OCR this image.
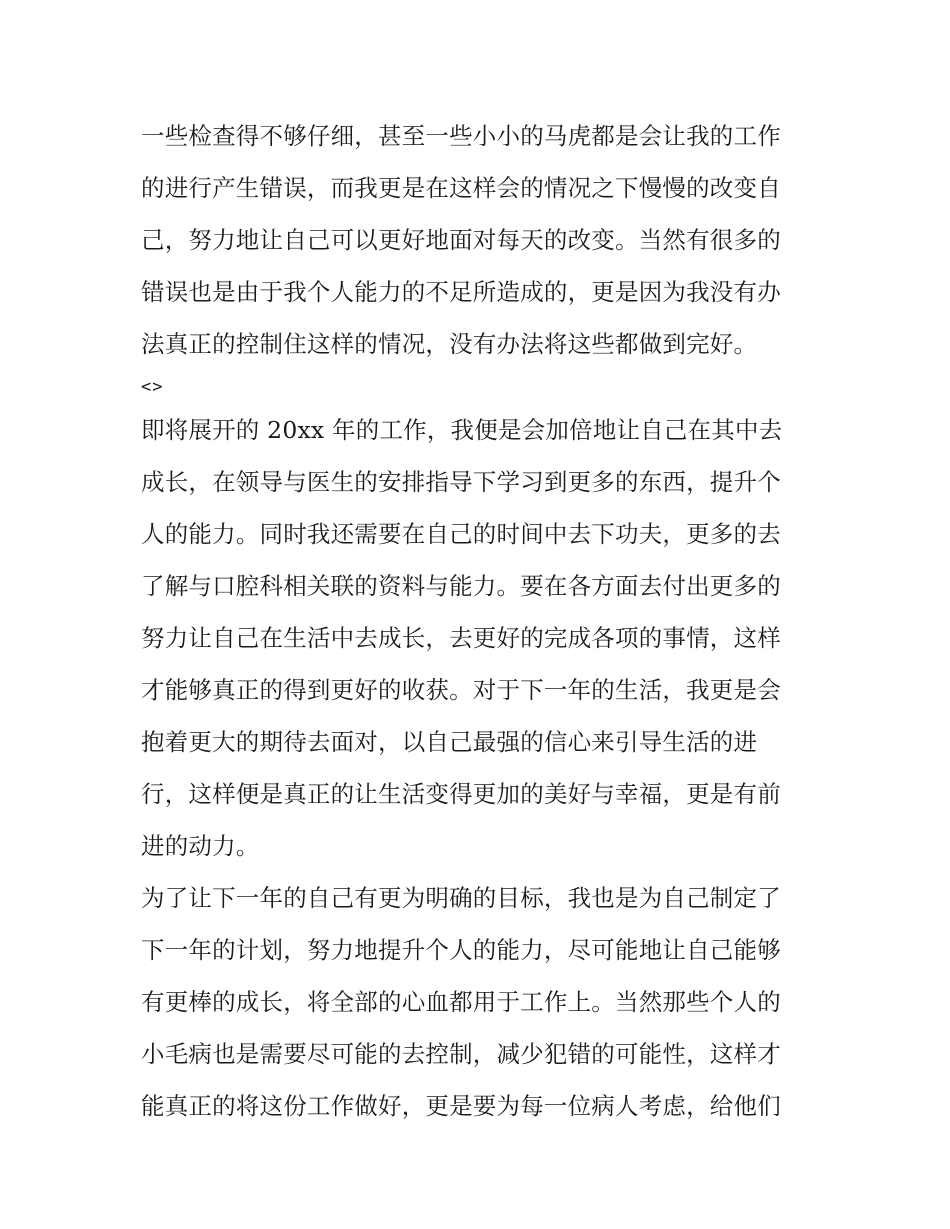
一些检查得不够仔细，甚至一些小小的马虎都是会让我的工作
的进行产生错误，而我更是在这样会的情况之下慢慢的改变自
己，努力地让自己可以更好地面对每天的改变。当然有很多的
错误也是由于我个人能力的不足所造成的，更是因为我没有办
法真正的控制住这样的情况，没有办法将这些都做到完好。
<>
即将展开的 20xx 年的工作，我便是会加倍地让自己在其中去
成长，在领导与医生的安排指导下学习到更多的东西，提升个
人的能力。同时我还需要在自己的时间中去下功夫，更多的去
了解与口腔科相关联的资料与能力。要在各方面去付出更多的
努力让自己在生活中去成长，去更好的完成各项的事情，这样
才能够真正的得到更好的收获。对于下一年的生活，我更是会
抱着更大的期待去面对，以自己最强的信心来引导生活的进
行，这样便是真正的让生活变得更加的美好与幸福，更是有前
进的动力。
为了让下一年的自己有更为明确的目标，我也是为自己制定了
下一年的计划，努力地提升个人的能力，尽可能地让自己能够
有更棒的成长，将全部的心血都用于工作上。当然那些个人的
小毛病也是需要尽可能的去控制，减少犯错的可能性，这样才
能真正的将这份工作做好，更是要为每一位病人考虑，给他们
